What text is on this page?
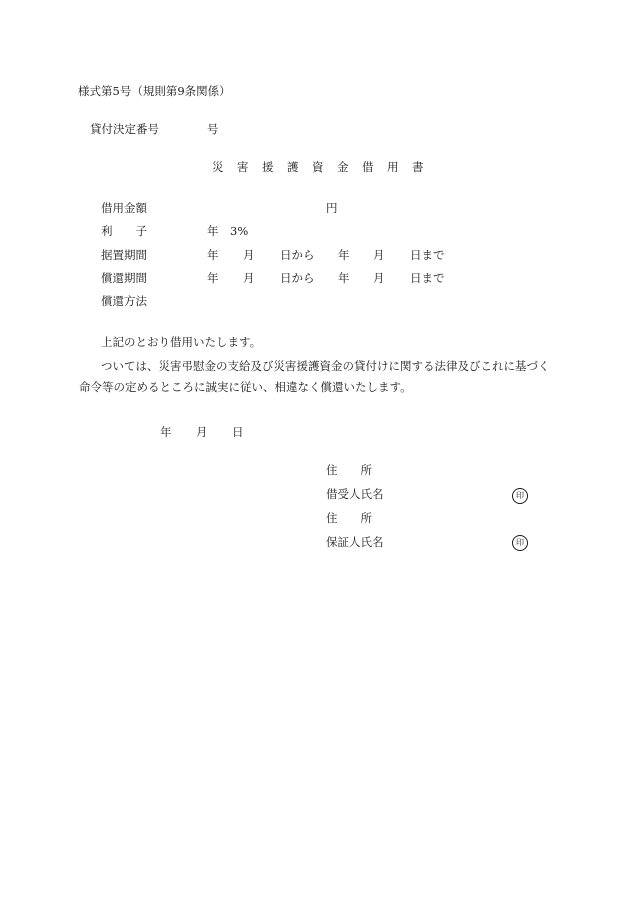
様式第5号（規則第9条関係）
貸付決定番号	号
災 害 援 護 資 金 借 用 書
借用金額	円
利　　子	年 3%
据置期間	年 月 日から 年 月 日まで
償還期間	年 月 日から 年 月 日まで
償還方法
上記のとおり借用いたします。

ついては、災害弔慰金の支給及び災害援護資金の貸付けに関する法律及びこれに基づく命令等の定めるところに誠実に従い、相違なく償還いたします。

年 月 日
住　　所
借受人氏名	印
住　　所
保証人氏名	印
